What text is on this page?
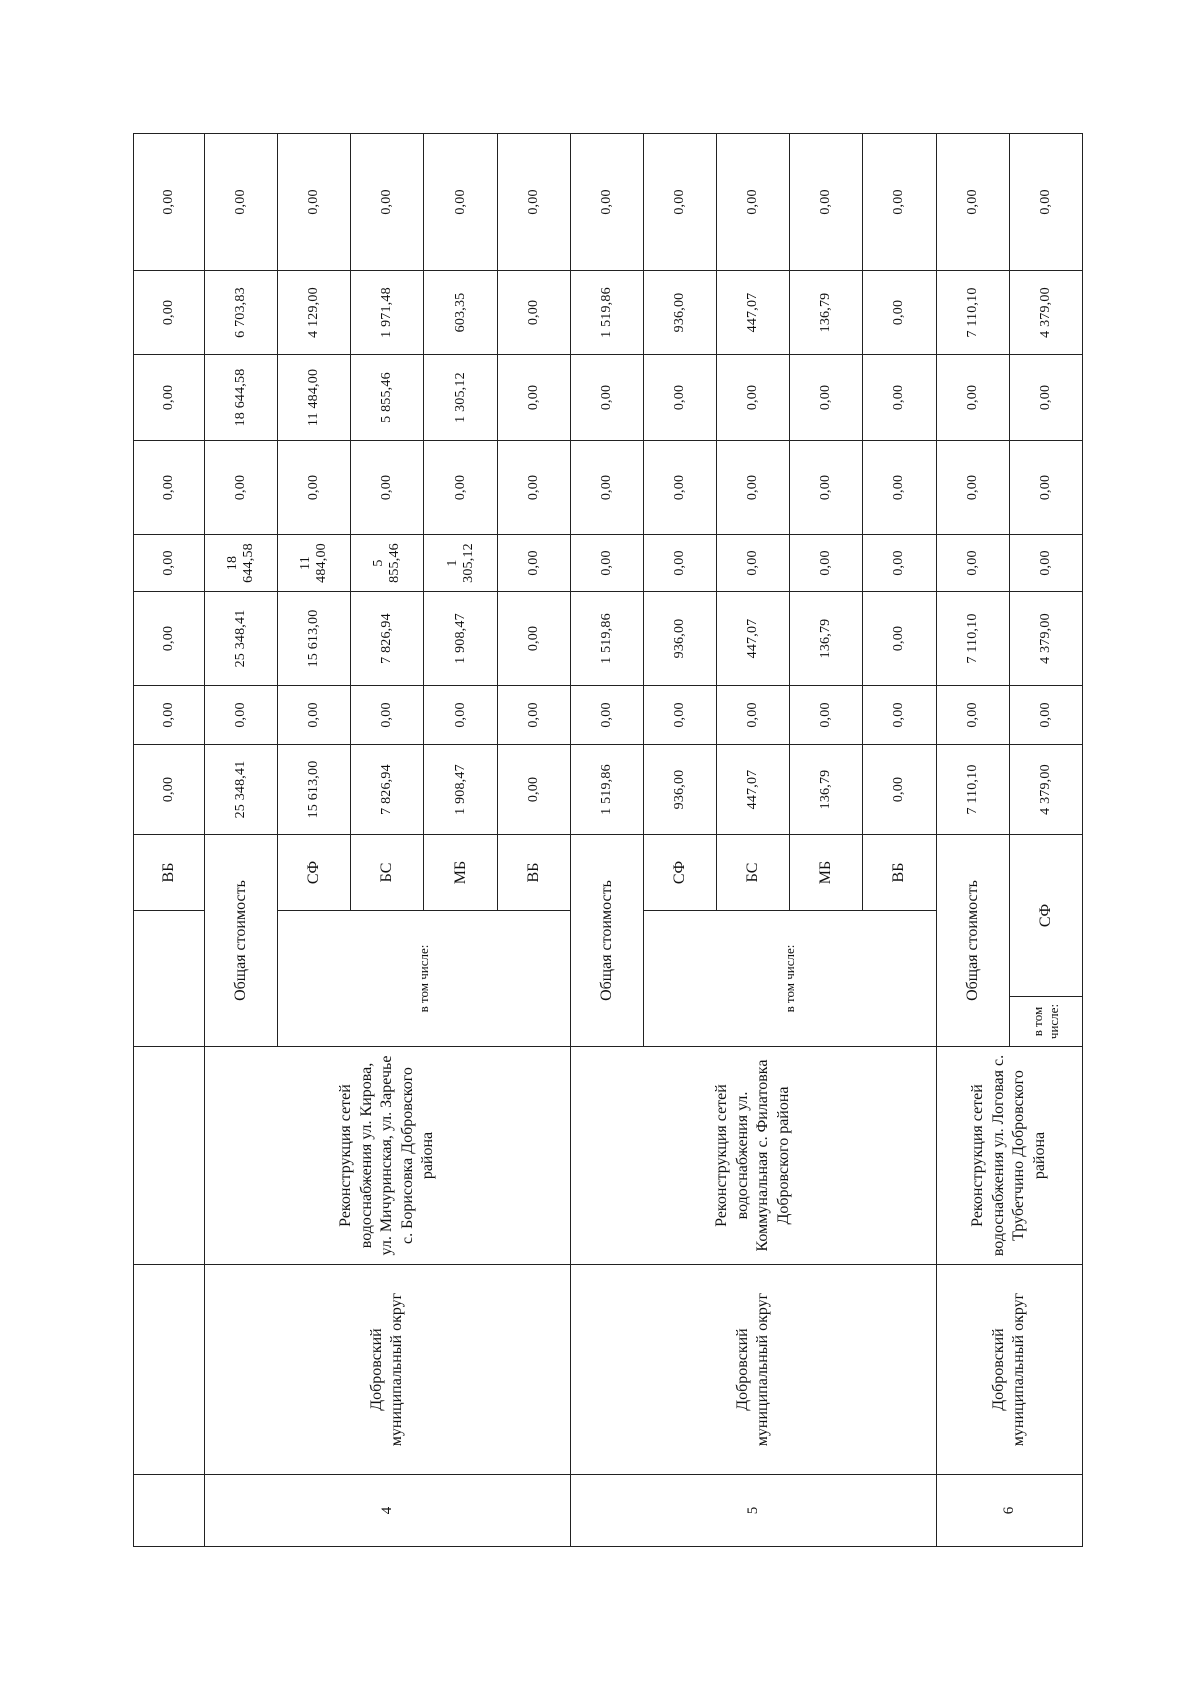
					ВБ	0,00	0,00	0,00	0,00	0,00	0,00	0,00	0,00	
4	Добровский муниципальный округ	Реконструкция сетей водоснабжения ул. Кирова, ул. Мичуринская, ул. Заречье с. Борисовка Добровского района	Общая стоимость			25 348,41	0,00	25 348,41	18 644,58	0,00	18 644,58	6 703,83	0,00	
			в том числе:		СФ	15 613,00	0,00	15 613,00	11 484,00	0,00	11 484,00	4 129,00	0,00	
					БС	7 826,94	0,00	7 826,94	5 855,46	0,00	5 855,46	1 971,48	0,00	
					МБ	1 908,47	0,00	1 908,47	1 305,12	0,00	1 305,12	603,35	0,00	
					ВБ	0,00	0,00	0,00	0,00	0,00	0,00	0,00	0,00	
5	Добровский муниципальный округ	Реконструкция сетей водоснабжения ул. Коммунальная с. Филатовка Добровского района	Общая стоимость			1 519,86	0,00	1 519,86	0,00	0,00	0,00	1 519,86	0,00	
			в том числе:		СФ	936,00	0,00	936,00	0,00	0,00	0,00	936,00	0,00	
					БС	447,07	0,00	447,07	0,00	0,00	0,00	447,07	0,00	
					МБ	136,79	0,00	136,79	0,00	0,00	0,00	136,79	0,00	
					ВБ	0,00	0,00	0,00	0,00	0,00	0,00	0,00	0,00	
6	Добровский муниципальный округ	Реконструкция сетей водоснабжения ул. Логовая с. Трубетчино Добровского района	Общая стоимость			7 110,10	0,00	7 110,10	0,00	0,00	0,00	7 110,10	0,00	
			в том числе:	СФ		4 379,00	0,00	4 379,00	0,00	0,00	0,00	4 379,00	0,00	
